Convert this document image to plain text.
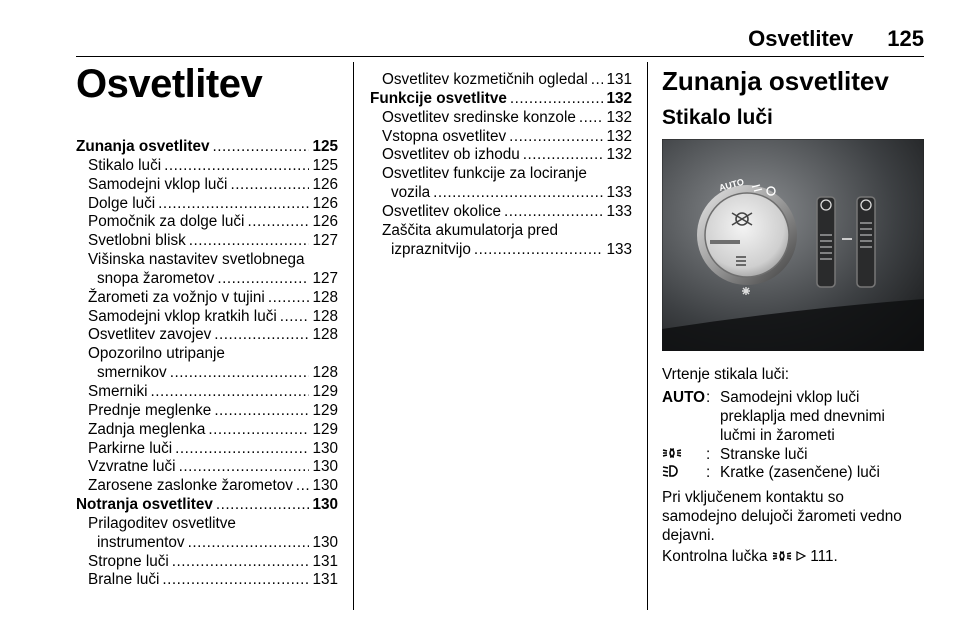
Osvetlitev 125
Osvetlitev
Zunanja osvetlitev .....	125
Stikalo luči .....	125
Samodejni vklop luči .....	126
Dolge luči .....	126
Pomočnik za dolge luči .....	126
Svetlobni blisk .....	127
Višinska nastavitev svetlobnega
snopa žarometov .....	127
Žarometi za vožnjo v tujini .....	128
Samodejni vklop kratkih luči ..... 128
Osvetlitev zavojev .....	128
Opozorilno utripanje
smernikov .....	128
Smerniki .....	129
Prednje meglenke .....	129
Zadnja meglenka .....	129
Parkirne luči .....	130
Vzvratne luči .....	130
Zarosene zaslonke žarometov ..... 130
Notranja osvetlitev .....	130
Prilagoditev osvetlitve
instrumentov .....	130
Stropne luči .....	131
Bralne luči .....	131
Osvetlitev kozmetičnih ogledal ..... 131
Funkcije osvetlitve .....	132
Osvetlitev sredinske konzole ..... 132
Vstopna osvetlitev .....	132
Osvetlitev ob izhodu .....	132
Osvetlitev funkcije za lociranje
vozila .....	133
Osvetlitev okolice .....	133
Zaščita akumulatorja pred
izpraznitvijo .....	133
Zunanja osvetlitev
Stikalo luči
AUTO
Vrtenje stikala luči:
AUTO : Samodejni vklop luči
preklaplja med dnevnimi
lučmi in žarometi
: Stranske luči
: Kratke (zasenčene) luči
Pri vključenem kontaktu so
samodejno delujoči žarometi vedno
dejavni.
Kontrolna lučka	111.
